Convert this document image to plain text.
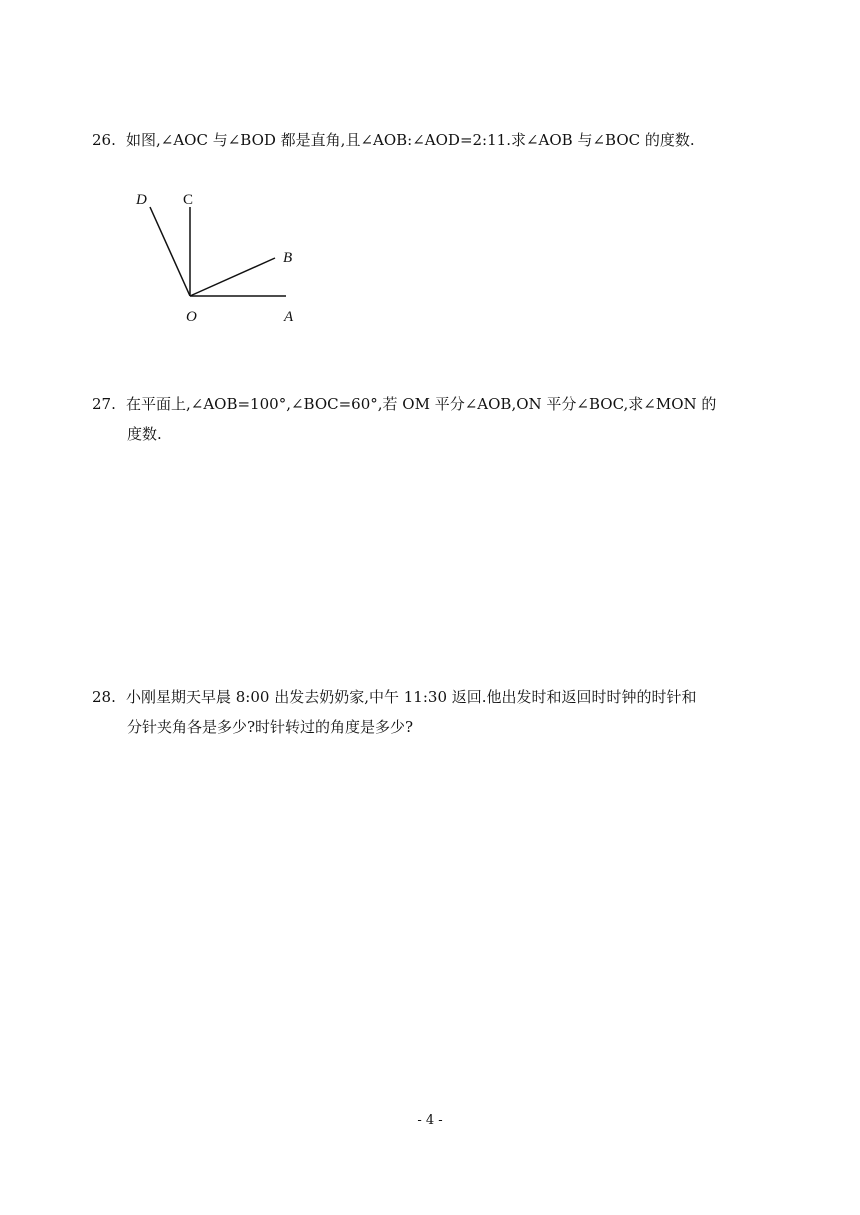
26. 如图,∠AOC 与∠BOD 都是直角,且∠AOB:∠AOD=2:11.求∠AOB 与∠BOC 的度数.
D C
B
O	A
27. 在平面上,∠AOB=100°,∠BOC=60°,若 OM 平分∠AOB,ON 平分∠BOC,求∠MON 的
度数.
28. 小刚星期天早晨 8:00 出发去奶奶家,中午 11:30 返回.他出发时和返回时时钟的时针和
分针夹角各是多少?时针转过的角度是多少?
- 4 -
